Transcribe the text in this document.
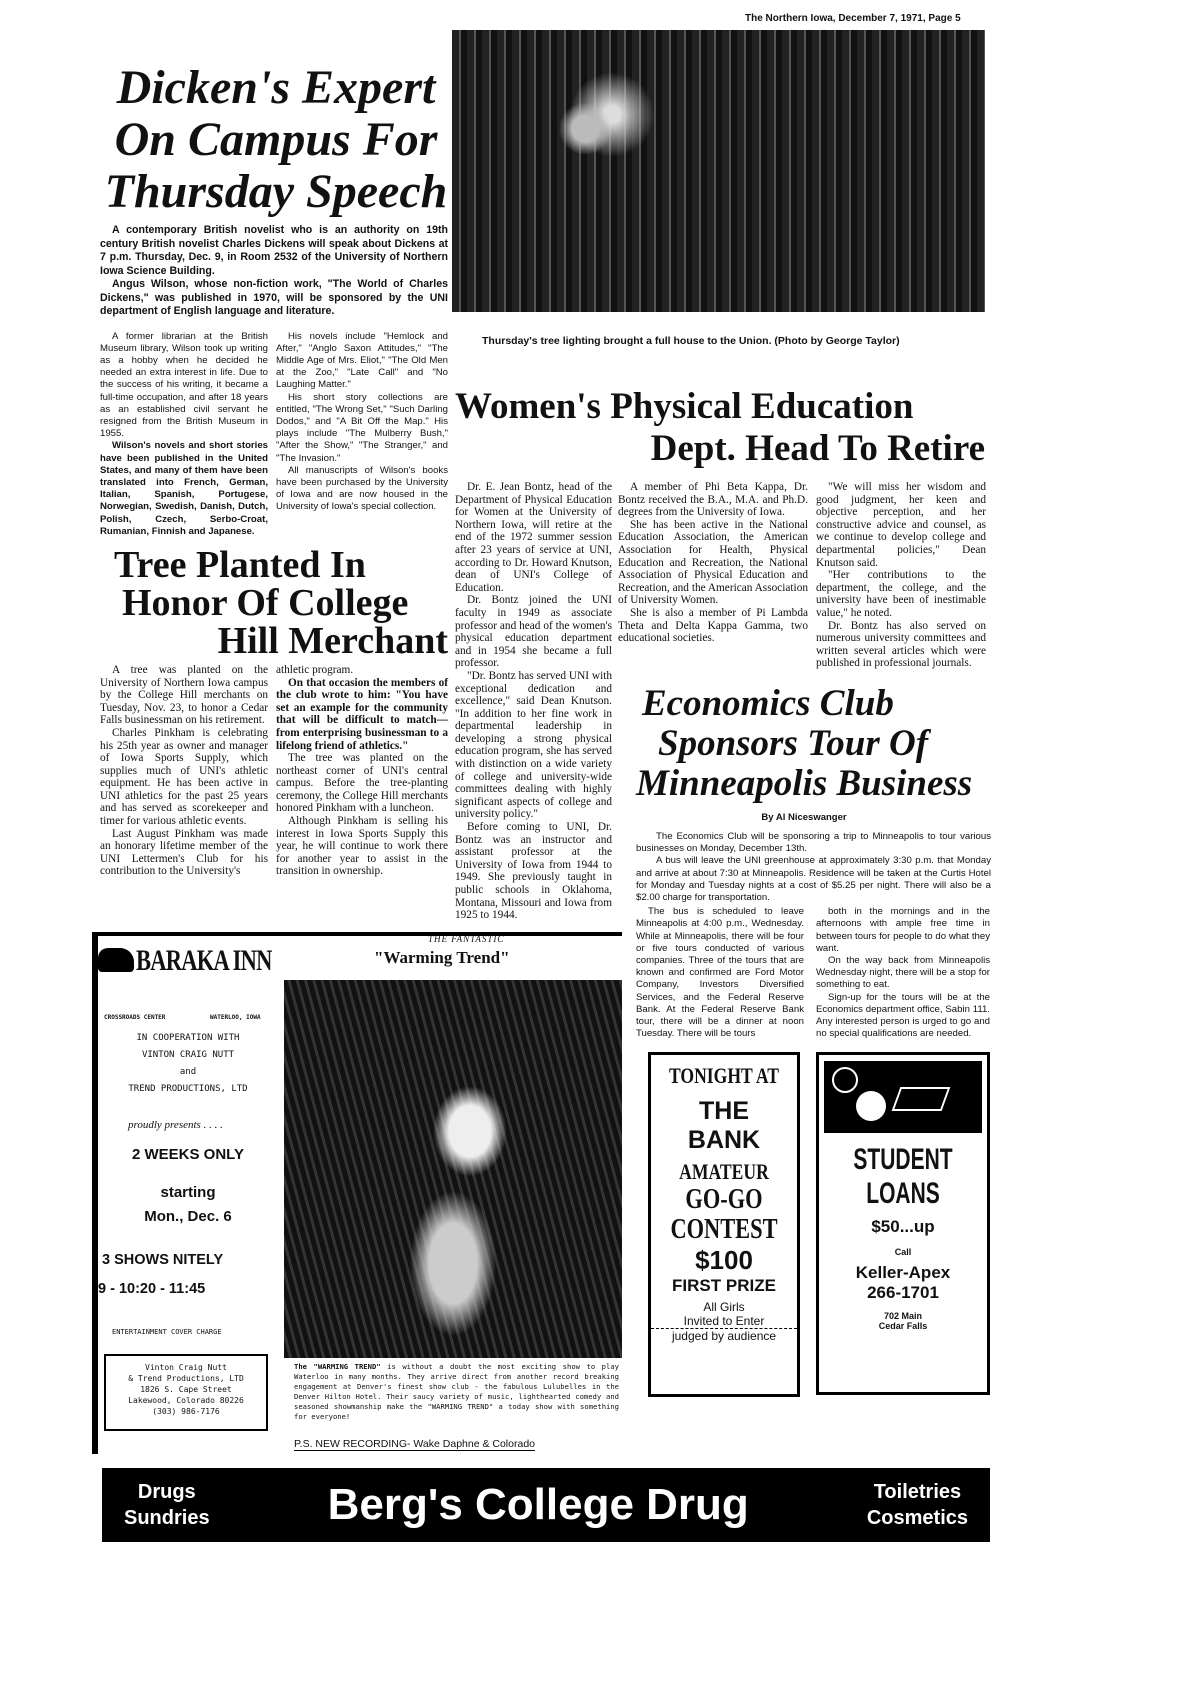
The Northern Iowa, December 7, 1971, Page 5
Dicken's Expert On Campus For Thursday Speech

A contemporary British novelist who is an authority on 19th century British novelist Charles Dickens will speak about Dickens at 7 p.m. Thursday, Dec. 9, in Room 2532 of the University of Northern Iowa Science Building.

Angus Wilson, whose non-fiction work, "The World of Charles Dickens," was published in 1970, will be sponsored by the UNI department of English language and literature.

A former librarian at the British Museum library, Wilson took up writing as a hobby when he decided he needed an extra interest in life. Due to the success of his writing, it became a full-time occupation, and after 18 years as an established civil servant he resigned from the British Museum in 1955.

Wilson's novels and short stories have been published in the United States, and many of them have been translated into French, German, Italian, Spanish, Portugese, Norwegian, Swedish, Danish, Dutch, Polish, Czech, Serbo-Croat, Rumanian, Finnish and Japanese.

His novels include "Hemlock and After," "Anglo Saxon Attitudes," "The Middle Age of Mrs. Eliot," "The Old Men at the Zoo," "Late Call" and "No Laughing Matter."

His short story collections are entitled, "The Wrong Set," "Such Darling Dodos," and "A Bit Off the Map." His plays include "The Mulberry Bush," "After the Show," "The Stranger," and "The Invasion."

All manuscripts of Wilson's books have been purchased by the University of Iowa and are now housed in the University of Iowa's special collection.

Tree Planted In
Honor Of College
Hill Merchant

A tree was planted on the University of Northern Iowa campus by the College Hill merchants on Tuesday, Nov. 23, to honor a Cedar Falls businessman on his retirement.

Charles Pinkham is celebrating his 25th year as owner and manager of Iowa Sports Supply, which supplies much of UNI's athletic equipment. He has been active in UNI athletics for the past 25 years and has served as scorekeeper and timer for various athletic events.

Last August Pinkham was made an honorary lifetime member of the UNI Lettermen's Club for his contribution to the University's

athletic program.

On that occasion the members of the club wrote to him: "You have set an example for the community that will be difficult to match—from enterprising businessman to a lifelong friend of athletics."

The tree was planted on the northeast corner of UNI's central campus. Before the tree-planting ceremony, the College Hill merchants honored Pinkham with a luncheon.

Although Pinkham is selling his interest in Iowa Sports Supply this year, he will continue to work there for another year to assist in the transition in ownership.

Dr. E. Jean Bontz, head of the Department of Physical Education for Women at the University of Northern Iowa, will retire at the end of the 1972 summer session after 23 years of service at UNI, according to Dr. Howard Knutson, dean of UNI's College of Education.

Dr. Bontz joined the UNI faculty in 1949 as associate professor and head of the women's physical education department and in 1954 she became a full professor.

"Dr. Bontz has served UNI with exceptional dedication and excellence," said Dean Knutson. "In addition to her fine work in departmental leadership in developing a strong physical education program, she has served with distinction on a wide variety of college and university-wide committees dealing with highly significant aspects of college and university policy."

Before coming to UNI, Dr. Bontz was an instructor and assistant professor at the University of Iowa from 1944 to 1949. She previously taught in public schools in Oklahoma, Montana, Missouri and Iowa from 1925 to 1944.

BARAKA INN
CROSSROADS CENTER	WATERLOO, IOWA
IN COOPERATION WITH
VINTON CRAIG NUTT
and
TREND PRODUCTIONS, LTD
proudly presents . . . .
2 WEEKS ONLY
starting
Mon., Dec. 6
3 SHOWS NITELY
9 - 10:20 - 11:45
ENTERTAINMENT COVER CHARGE
Vinton Craig Nutt
& Trend Productions, LTD
1826 S. Cape Street
Lakewood, Colorado 80226
(303) 986-7176
THE FANTASTIC
"Warming Trend"
The "WARMING TREND" is without a doubt the most exciting show to play Waterloo in many months. They arrive direct from another record breaking engagement at Denver's finest show club - the fabulous Lulubelles in the Denver Hilton Hotel. Their saucy variety of music, lighthearted comedy and seasoned showmanship make the "WARMING TREND" a today show with something for everyone!
P.S. NEW RECORDING- Wake Daphne & Colorado
Thursday's tree lighting brought a full house to the Union. (Photo by George Taylor)
Women's Physical Education
Dept. Head To Retire

A member of Phi Beta Kappa, Dr. Bontz received the B.A., M.A. and Ph.D. degrees from the University of Iowa.

She has been active in the National Education Association, the American Association for Health, Physical Education and Recreation, the National Association of Physical Education and Recreation, and the American Association of University Women.

She is also a member of Pi Lambda Theta and Delta Kappa Gamma, two educational societies.

"We will miss her wisdom and good judgment, her keen and objective perception, and her constructive advice and counsel, as we continue to develop college and departmental policies," Dean Knutson said.

"Her contributions to the department, the college, and the university have been of inestimable value," he noted.

Dr. Bontz has also served on numerous university committees and written several articles which were published in professional journals.

Economics Club
Sponsors Tour Of
Minneapolis Business
By Al Niceswanger

The Economics Club will be sponsoring a trip to Minneapolis to tour various businesses on Monday, December 13th.

A bus will leave the UNI greenhouse at approximately 3:30 p.m. that Monday and arrive at about 7:30 at Minneapolis. Residence will be taken at the Curtis Hotel for Monday and Tuesday nights at a cost of $5.25 per night. There will also be a $2.00 charge for transportation.

The bus is scheduled to leave Minneapolis at 4:00 p.m., Wednesday. While at Minneapolis, there will be four or five tours conducted of various companies. Three of the tours that are known and confirmed are Ford Motor Company, Investors Diversified Services, and the Federal Reserve Bank. At the Federal Reserve Bank tour, there will be a dinner at noon Tuesday. There will be tours

both in the mornings and in the afternoons with ample free time in between tours for people to do what they want.

On the way back from Minneapolis Wednesday night, there will be a stop for something to eat.

Sign-up for the tours will be at the Economics department office, Sabin 111. Any interested person is urged to go and no special qualifications are needed.

TONIGHT AT
THE
BANK
AMATEUR
GO-GO
CONTEST
$100
FIRST PRIZE
All Girls
Invited to Enter
judged by audience
STUDENT
LOANS
$50...up
Call
Keller-Apex
266-1701
702 Main
Cedar Falls
Drugs
Sundries	Berg's College Drug	Toiletries
Cosmetics
